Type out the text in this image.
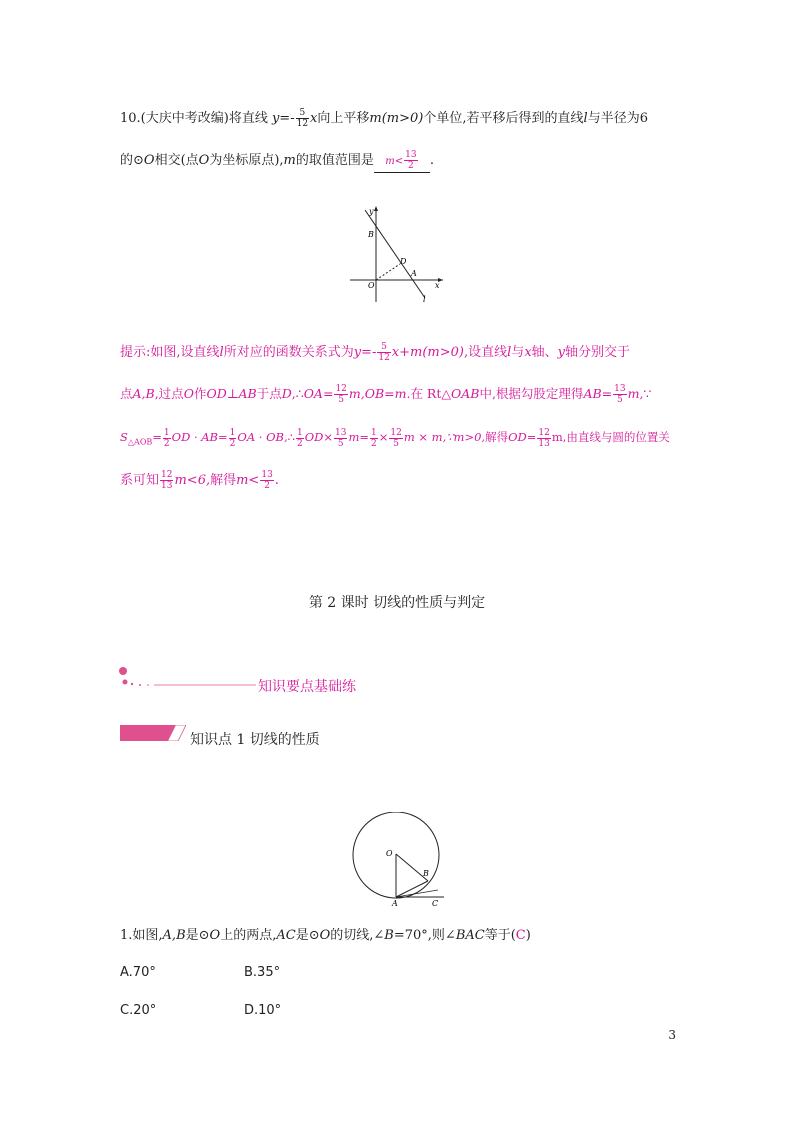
10.(大庆中考改编)将直线 $y=- \frac{5}{12}$ x向上平移m(m>0)个单位,若平移后得到的直线l与半径为6
的⊙O相交(点O为坐标原点),m的取值范围是 $m< \frac{13}{2}$ .
y
x
O
B
A
D
l
提示:如图,设直线l所对应的函数关系式为$y=- \frac{5}{12} x+m(m>0)$,设直线l与x轴、y轴分别交于
点A,B,过点O作OD⊥AB于点D,∴OA= $\frac{12}{5} m,OB=m$.在 Rt△OAB中,根据勾股定理得$AB= \frac{13}{5}$ m,∵
$S_{\triangle AOB}= \frac{1}{2}$ OD · $AB= \frac{1}{2}$ OA · OB,∴ $\frac{1}{2} OD\times \frac{13}{5} m= \frac{1}{2} \times \frac{12}{5}$ m × m,∵m>0,解得$OD= \frac{12}{13} m$,由直线与圆的位置关
系可知 $\frac{12}{13} m<6$,解得$m< \frac{13}{2}$ .
第 2 课时 切线的性质与判定
知识要点基础练
知识点 1 切线的性质
O
A
B
C
1.如图,A,B是⊙O上的两点,AC是⊙O的切线,∠B=70°,则∠BAC等于(C)
A.70°	B.35°
C.20°	D.10°
3
